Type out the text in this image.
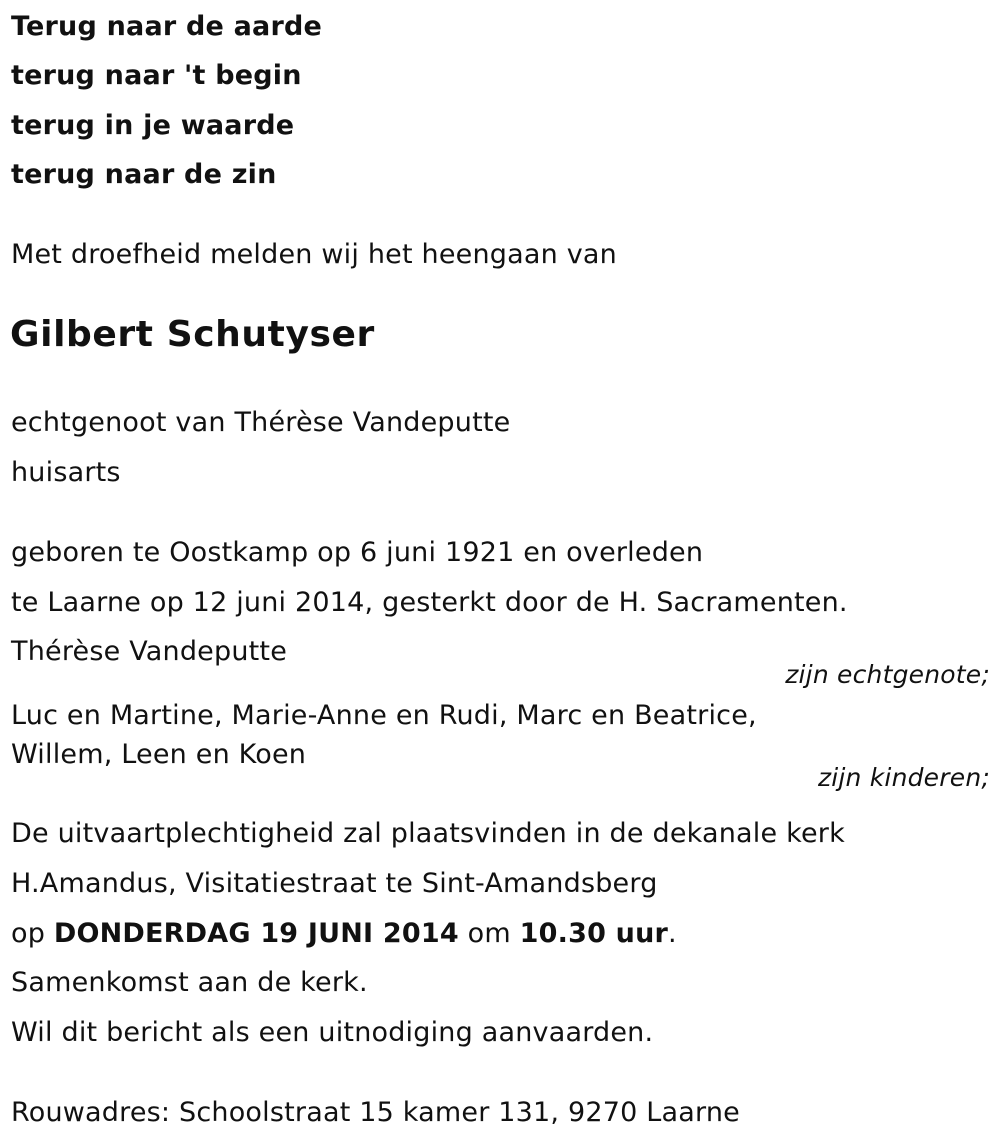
Terug naar de aarde
terug naar 't begin
terug in je waarde
terug naar de zin
Met droefheid melden wij het heengaan van
Gilbert Schutyser
echtgenoot van Thérèse Vandeputte
huisarts
geboren te Oostkamp op 6 juni 1921 en overleden
te Laarne op 12 juni 2014, gesterkt door de H. Sacramenten.
Thérèse Vandeputte
zijn echtgenote;
Luc en Martine, Marie-Anne en Rudi, Marc en Beatrice,
Willem, Leen en Koen
zijn kinderen;
De uitvaartplechtigheid zal plaatsvinden in de dekanale kerk
H.Amandus, Visitatiestraat te Sint-Amandsberg
op DONDERDAG 19 JUNI 2014 om 10.30 uur.
Samenkomst aan de kerk.
Wil dit bericht als een uitnodiging aanvaarden.
Rouwadres: Schoolstraat 15 kamer 131, 9270 Laarne
